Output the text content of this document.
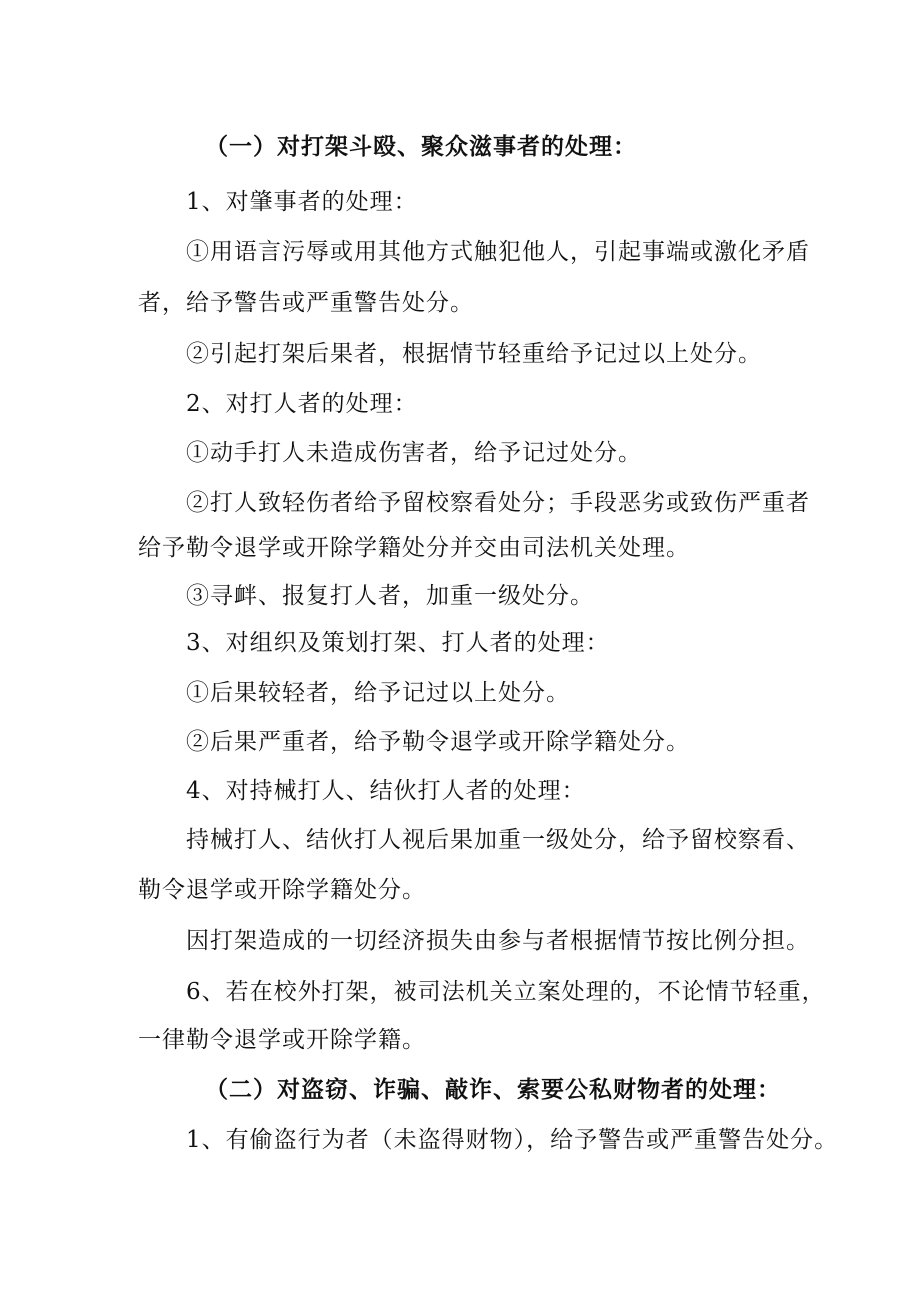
（一）对打架斗殴、聚众滋事者的处理：
1、对肇事者的处理：
①用语言污辱或用其他方式触犯他人，引起事端或激化矛盾
者，给予警告或严重警告处分。
②引起打架后果者，根据情节轻重给予记过以上处分。
2、对打人者的处理：
①动手打人未造成伤害者，给予记过处分。
②打人致轻伤者给予留校察看处分；手段恶劣或致伤严重者
给予勒令退学或开除学籍处分并交由司法机关处理。
③寻衅、报复打人者，加重一级处分。
3、对组织及策划打架、打人者的处理：
①后果较轻者，给予记过以上处分。
②后果严重者，给予勒令退学或开除学籍处分。
4、对持械打人、结伙打人者的处理：
持械打人、结伙打人视后果加重一级处分，给予留校察看、
勒令退学或开除学籍处分。
因打架造成的一切经济损失由参与者根据情节按比例分担。
6、若在校外打架，被司法机关立案处理的，不论情节轻重，
一律勒令退学或开除学籍。
（二）对盗窃、诈骗、敲诈、索要公私财物者的处理：
1、有偷盗行为者（未盗得财物），给予警告或严重警告处分。
